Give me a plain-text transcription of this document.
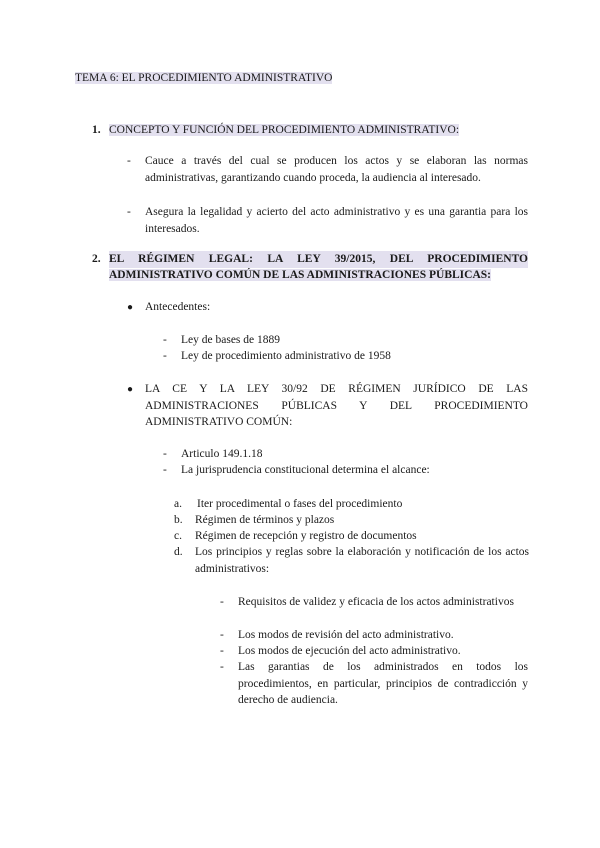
TEMA 6: EL PROCEDIMIENTO ADMINISTRATIVO
1. CONCEPTO Y FUNCIÓN DEL PROCEDIMIENTO ADMINISTRATIVO:
- Cauce a través del cual se producen los actos y se elaboran las normas administrativas, garantizando cuando proceda, la audiencia al interesado.
- Asegura la legalidad y acierto del acto administrativo y es una garantia para los interesados.
2. EL RÉGIMEN LEGAL: LA LEY 39/2015, DEL PROCEDIMIENTO
ADMINISTRATIVO COMÚN DE LAS ADMINISTRACIONES PÚBLICAS:
● Antecedentes:
- Ley de bases de 1889
- Ley de procedimiento administrativo de 1958
● LA CE Y LA LEY 30/92 DE RÉGIMEN JURÍDICO DE LAS ADMINISTRACIONES PÚBLICAS Y DEL PROCEDIMIENTO ADMINISTRATIVO COMÚN:
- Articulo 149.1.18
- La jurisprudencia constitucional determina el alcance:
a. Iter procedimental o fases del procedimiento
b. Régimen de términos y plazos
c. Régimen de recepción y registro de documentos
d. Los principios y reglas sobre la elaboración y notificación de los actos administrativos:
- Requisitos de validez y eficacia de los actos administrativos
- Los modos de revisión del acto administrativo.
- Los modos de ejecución del acto administrativo.
- Las garantias de los administrados en todos los procedimientos, en particular, principios de contradicción y derecho de audiencia.
